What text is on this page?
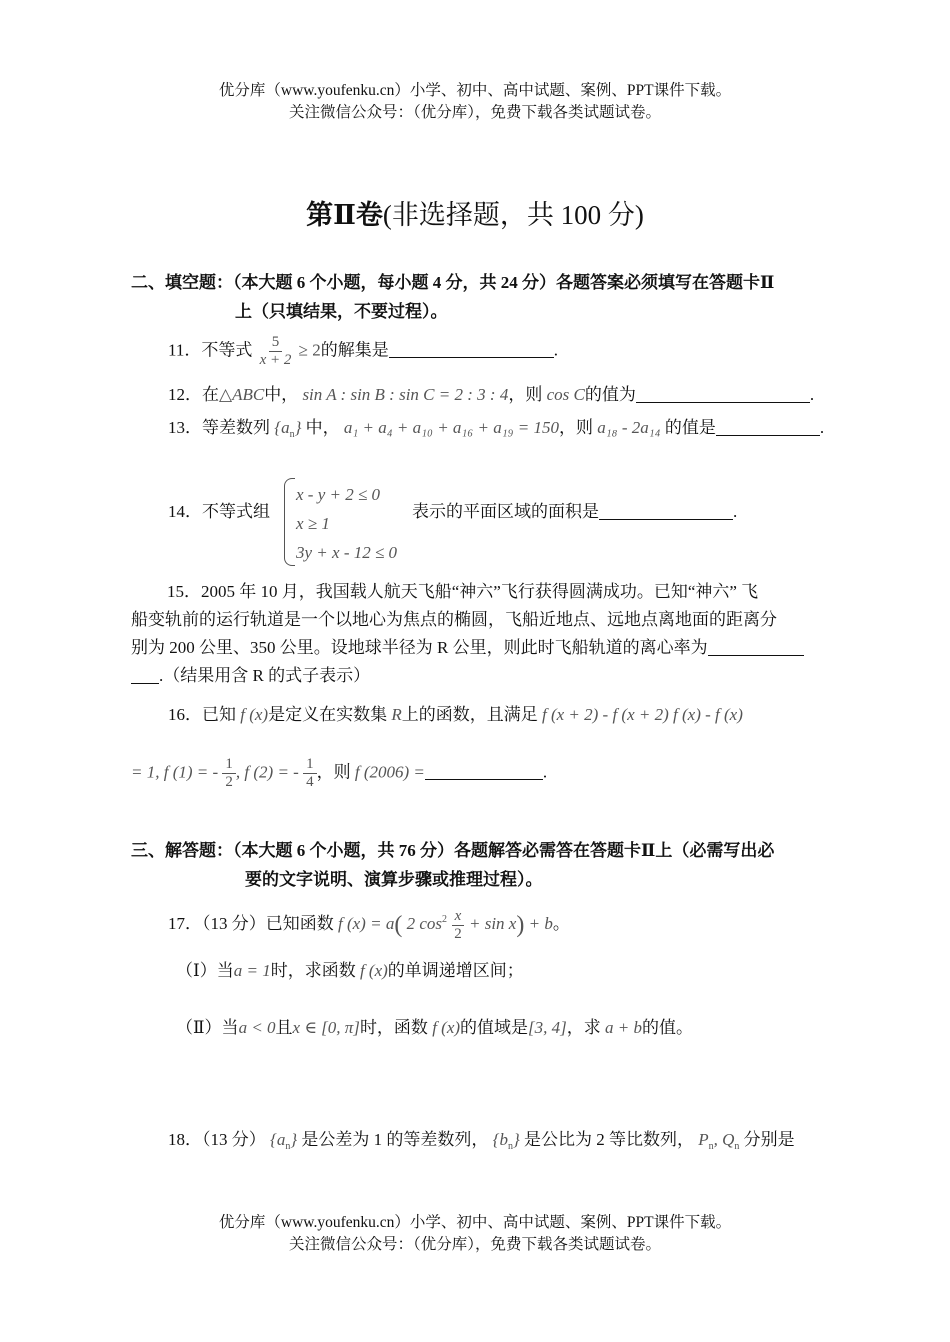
优分库（www.youfenku.cn）小学、初中、高中试题、案例、PPT课件下载。
关注微信公众号：（优分库），免费下载各类试题试卷。
第Ⅱ卷(非选择题，共 100 分)
二、填空题：（本大题 6 个小题，每小题 4 分，共 24 分）各题答案必须填写在答题卡Ⅱ
上（只填结果，不要过程）。
11．不等式 $\frac{5}{x + 2} \ge 2$的解集是	.
12．在△ABC中， sin A : sin B : sin C = 2 : 3 : 4，则 cos C的值为	.
13．等差数列 $\{a_n\}$ 中， a₁ + a₄ + a₁₀ + a₁₆ + a₁₉ = 150，则 a₁₈ - 2a₁₄ 的值是	.
14．不等式组
x - y + 2 ≤ 0
x ≥ 1
3y + x - 12 ≤ 0
表示的平面区域的面积是	.
15．2005 年 10 月，我国载人航天飞船“神六”飞行获得圆满成功。已知“神六” 飞
船变轨前的运行轨道是一个以地心为焦点的椭圆，飞船近地点、远地点离地面的距离分
别为 200 公里、350 公里。设地球半径为 R 公里，则此时飞船轨道的离心率为
.（结果用含 R 的式子表示）
16．已知 f (x)是定义在实数集 R上的函数，且满足 f (x + 2) - f (x + 2) f (x) - f (x)
= 1, f (1) = - $\frac{1}{2}$ , f (2) = - $\frac{1}{4}$ ，则 f (2006) =	.
三、解答题：（本大题 6 个小题，共 76 分）各题解答必需答在答题卡Ⅱ上（必需写出必
要的文字说明、演算步骤或推理过程）。
17．（13 分）已知函数 f (x) = a( 2 $\cos^2 \frac{x}{2} + \sin x) + b$。
（Ⅰ）当a = 1时，求函数 f (x)的单调递增区间；
（Ⅱ）当a < 0且x ∈ [0, π]时，函数 f (x)的值域是[3, 4]，求 a + b的值。
18．（13 分） $\{a_n\}$ 是公差为 1 的等差数列， $\{b_n\}$ 是公比为 2 等比数列， $P_n$, $Q_n$ 分别是
优分库（www.youfenku.cn）小学、初中、高中试题、案例、PPT课件下载。
关注微信公众号：（优分库），免费下载各类试题试卷。
